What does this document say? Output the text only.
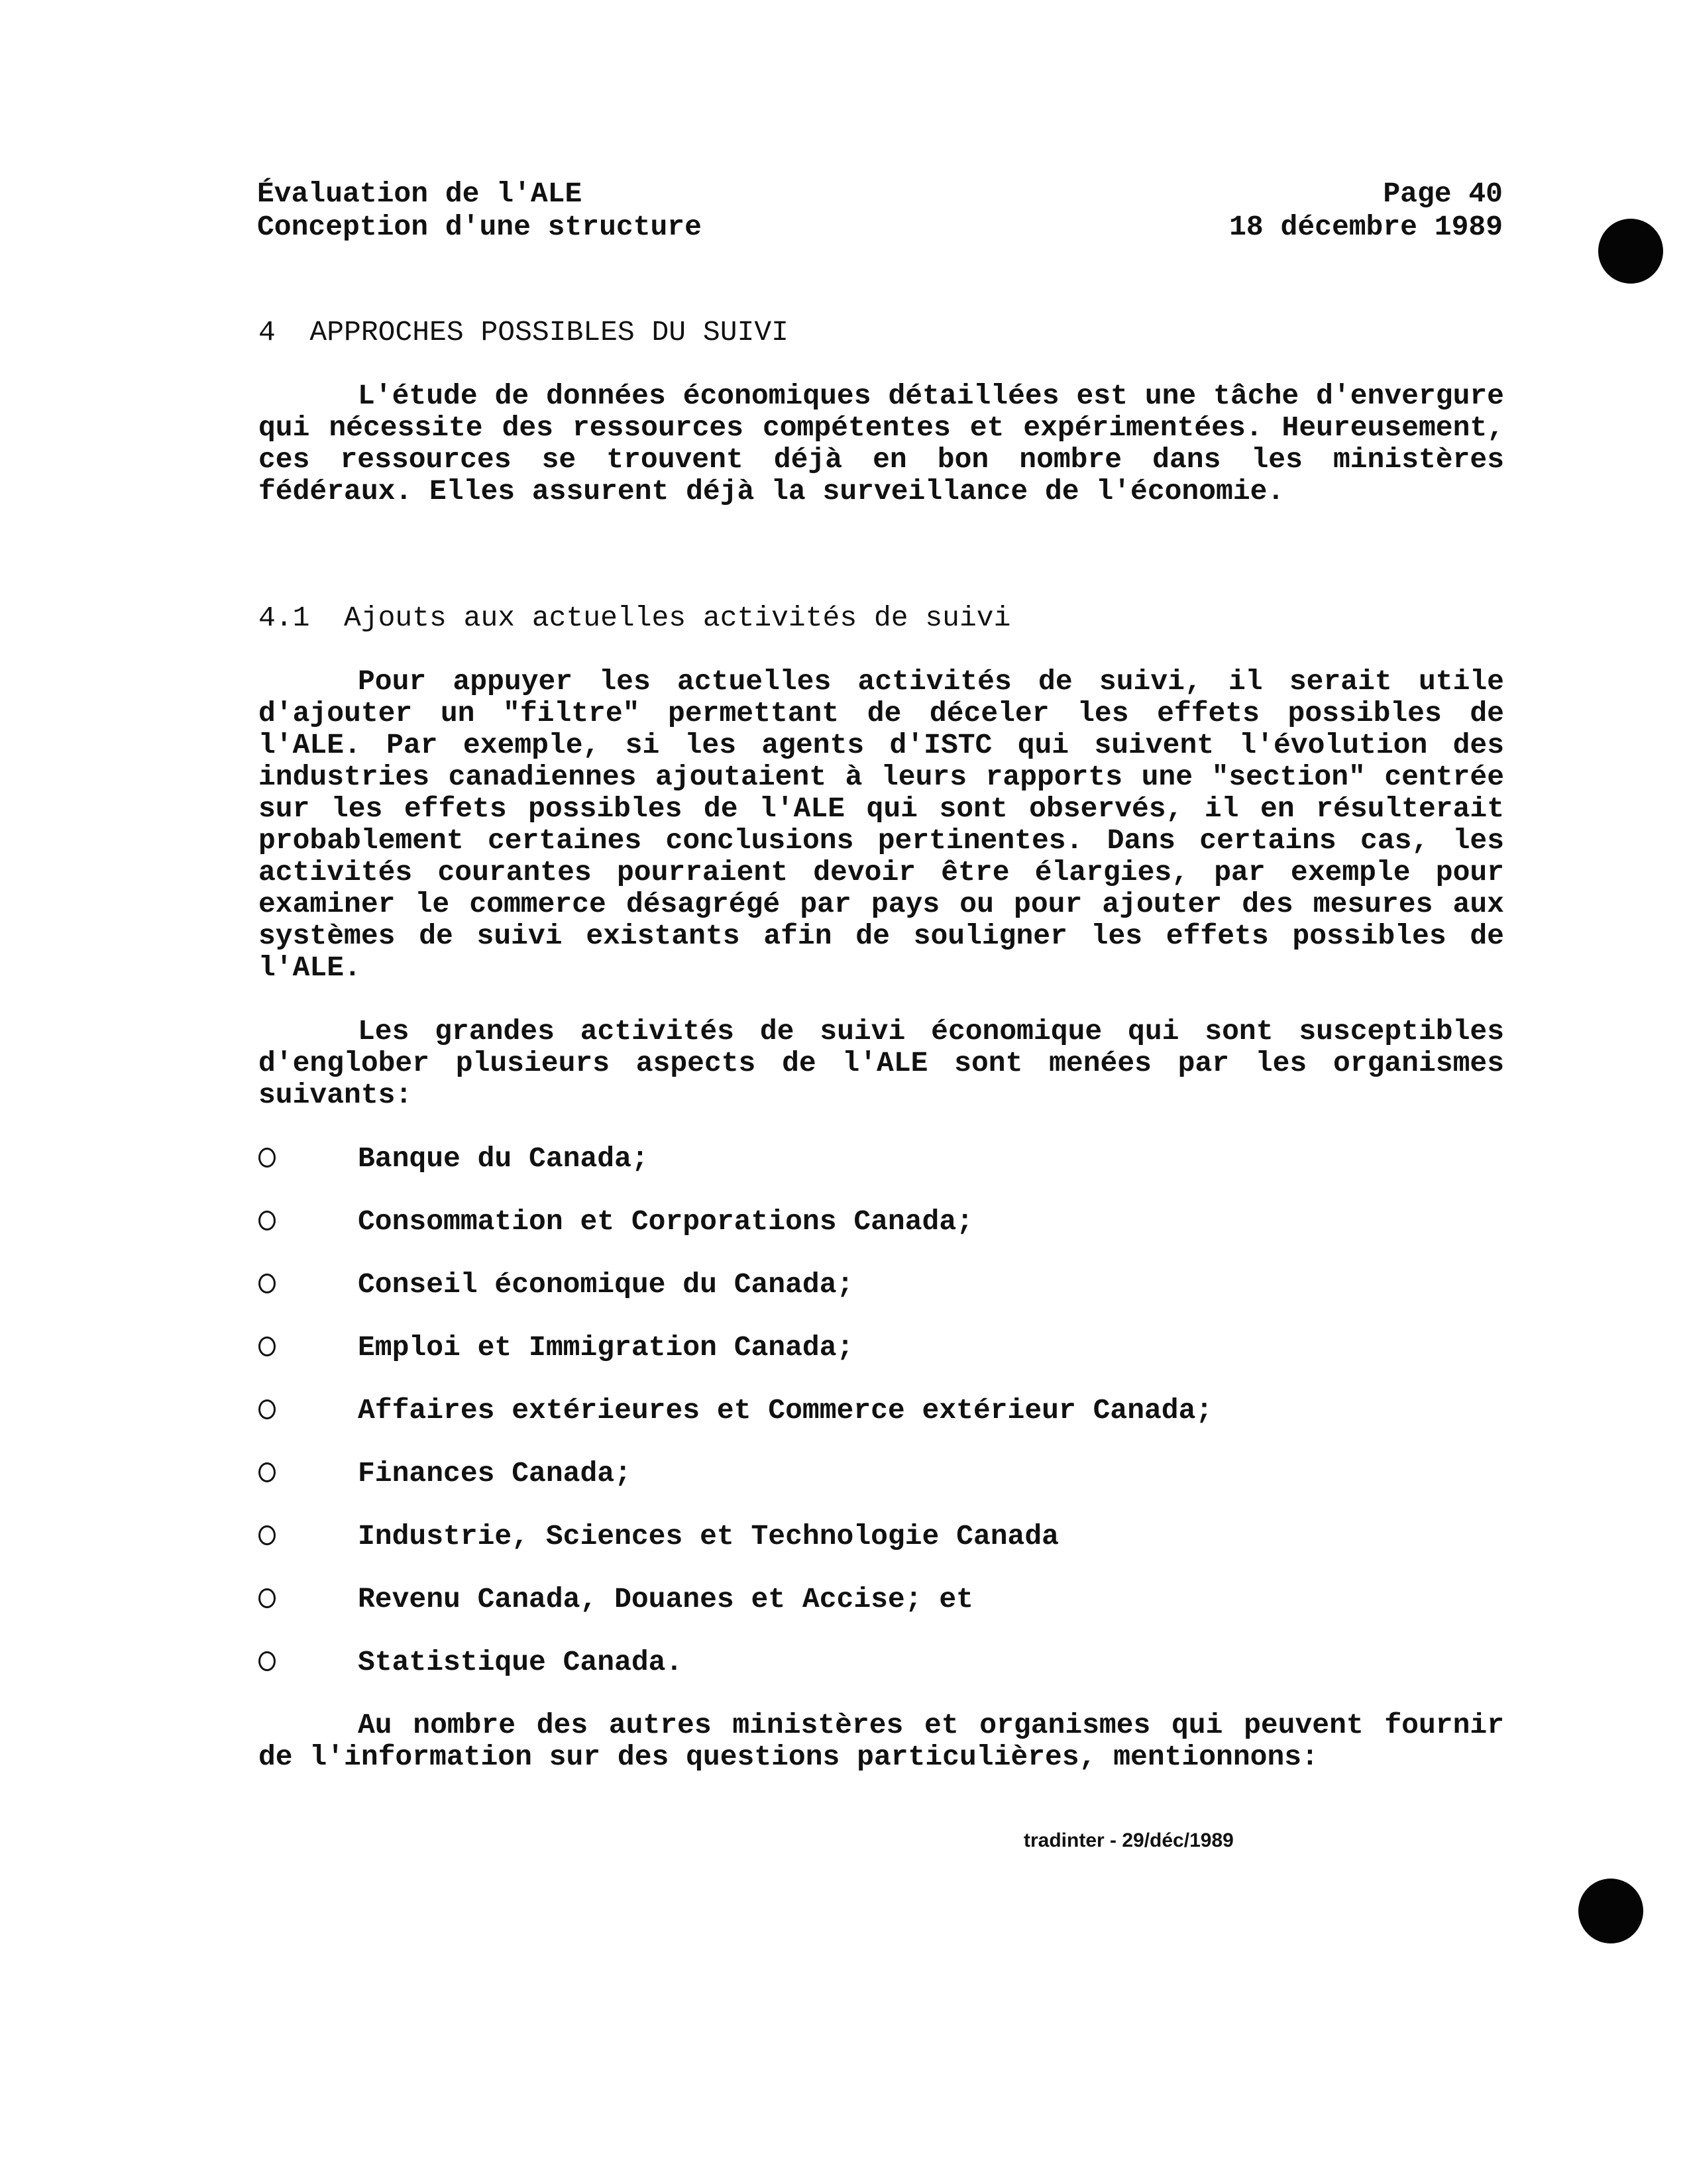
Évaluation de l'ALE
Conception d'une structure
Page 40
18 décembre 1989

4  APPROCHES POSSIBLES DU SUIVI

L'étude de données économiques détaillées est une tâche d'envergure qui nécessite des ressources compétentes et expérimentées. Heureusement, ces ressources se trouvent déjà en bon nombre dans les ministères fédéraux. Elles assurent déjà la surveillance de l'économie.

4.1  Ajouts aux actuelles activités de suivi

Pour appuyer les actuelles activités de suivi, il serait utile d'ajouter un "filtre" permettant de déceler les effets possibles de l'ALE. Par exemple, si les agents d'ISTC qui suivent l'évolution des industries canadiennes ajoutaient à leurs rapports une "section" centrée sur les effets possibles de l'ALE qui sont observés, il en résulterait probablement certaines conclusions pertinentes. Dans certains cas, les activités courantes pourraient devoir être élargies, par exemple pour examiner le commerce désagrégé par pays ou pour ajouter des mesures aux systèmes de suivi existants afin de souligner les effets possibles de l'ALE.

Les grandes activités de suivi économique qui sont susceptibles d'englober plusieurs aspects de l'ALE sont menées par les organismes suivants:

Banque du Canada;
Consommation et Corporations Canada;
Conseil économique du Canada;
Emploi et Immigration Canada;
Affaires extérieures et Commerce extérieur Canada;
Finances Canada;
Industrie, Sciences et Technologie Canada
Revenu Canada, Douanes et Accise; et
Statistique Canada.

Au nombre des autres ministères et organismes qui peuvent fournir de l'information sur des questions particulières, mentionnons:

tradinter - 29/déc/1989
